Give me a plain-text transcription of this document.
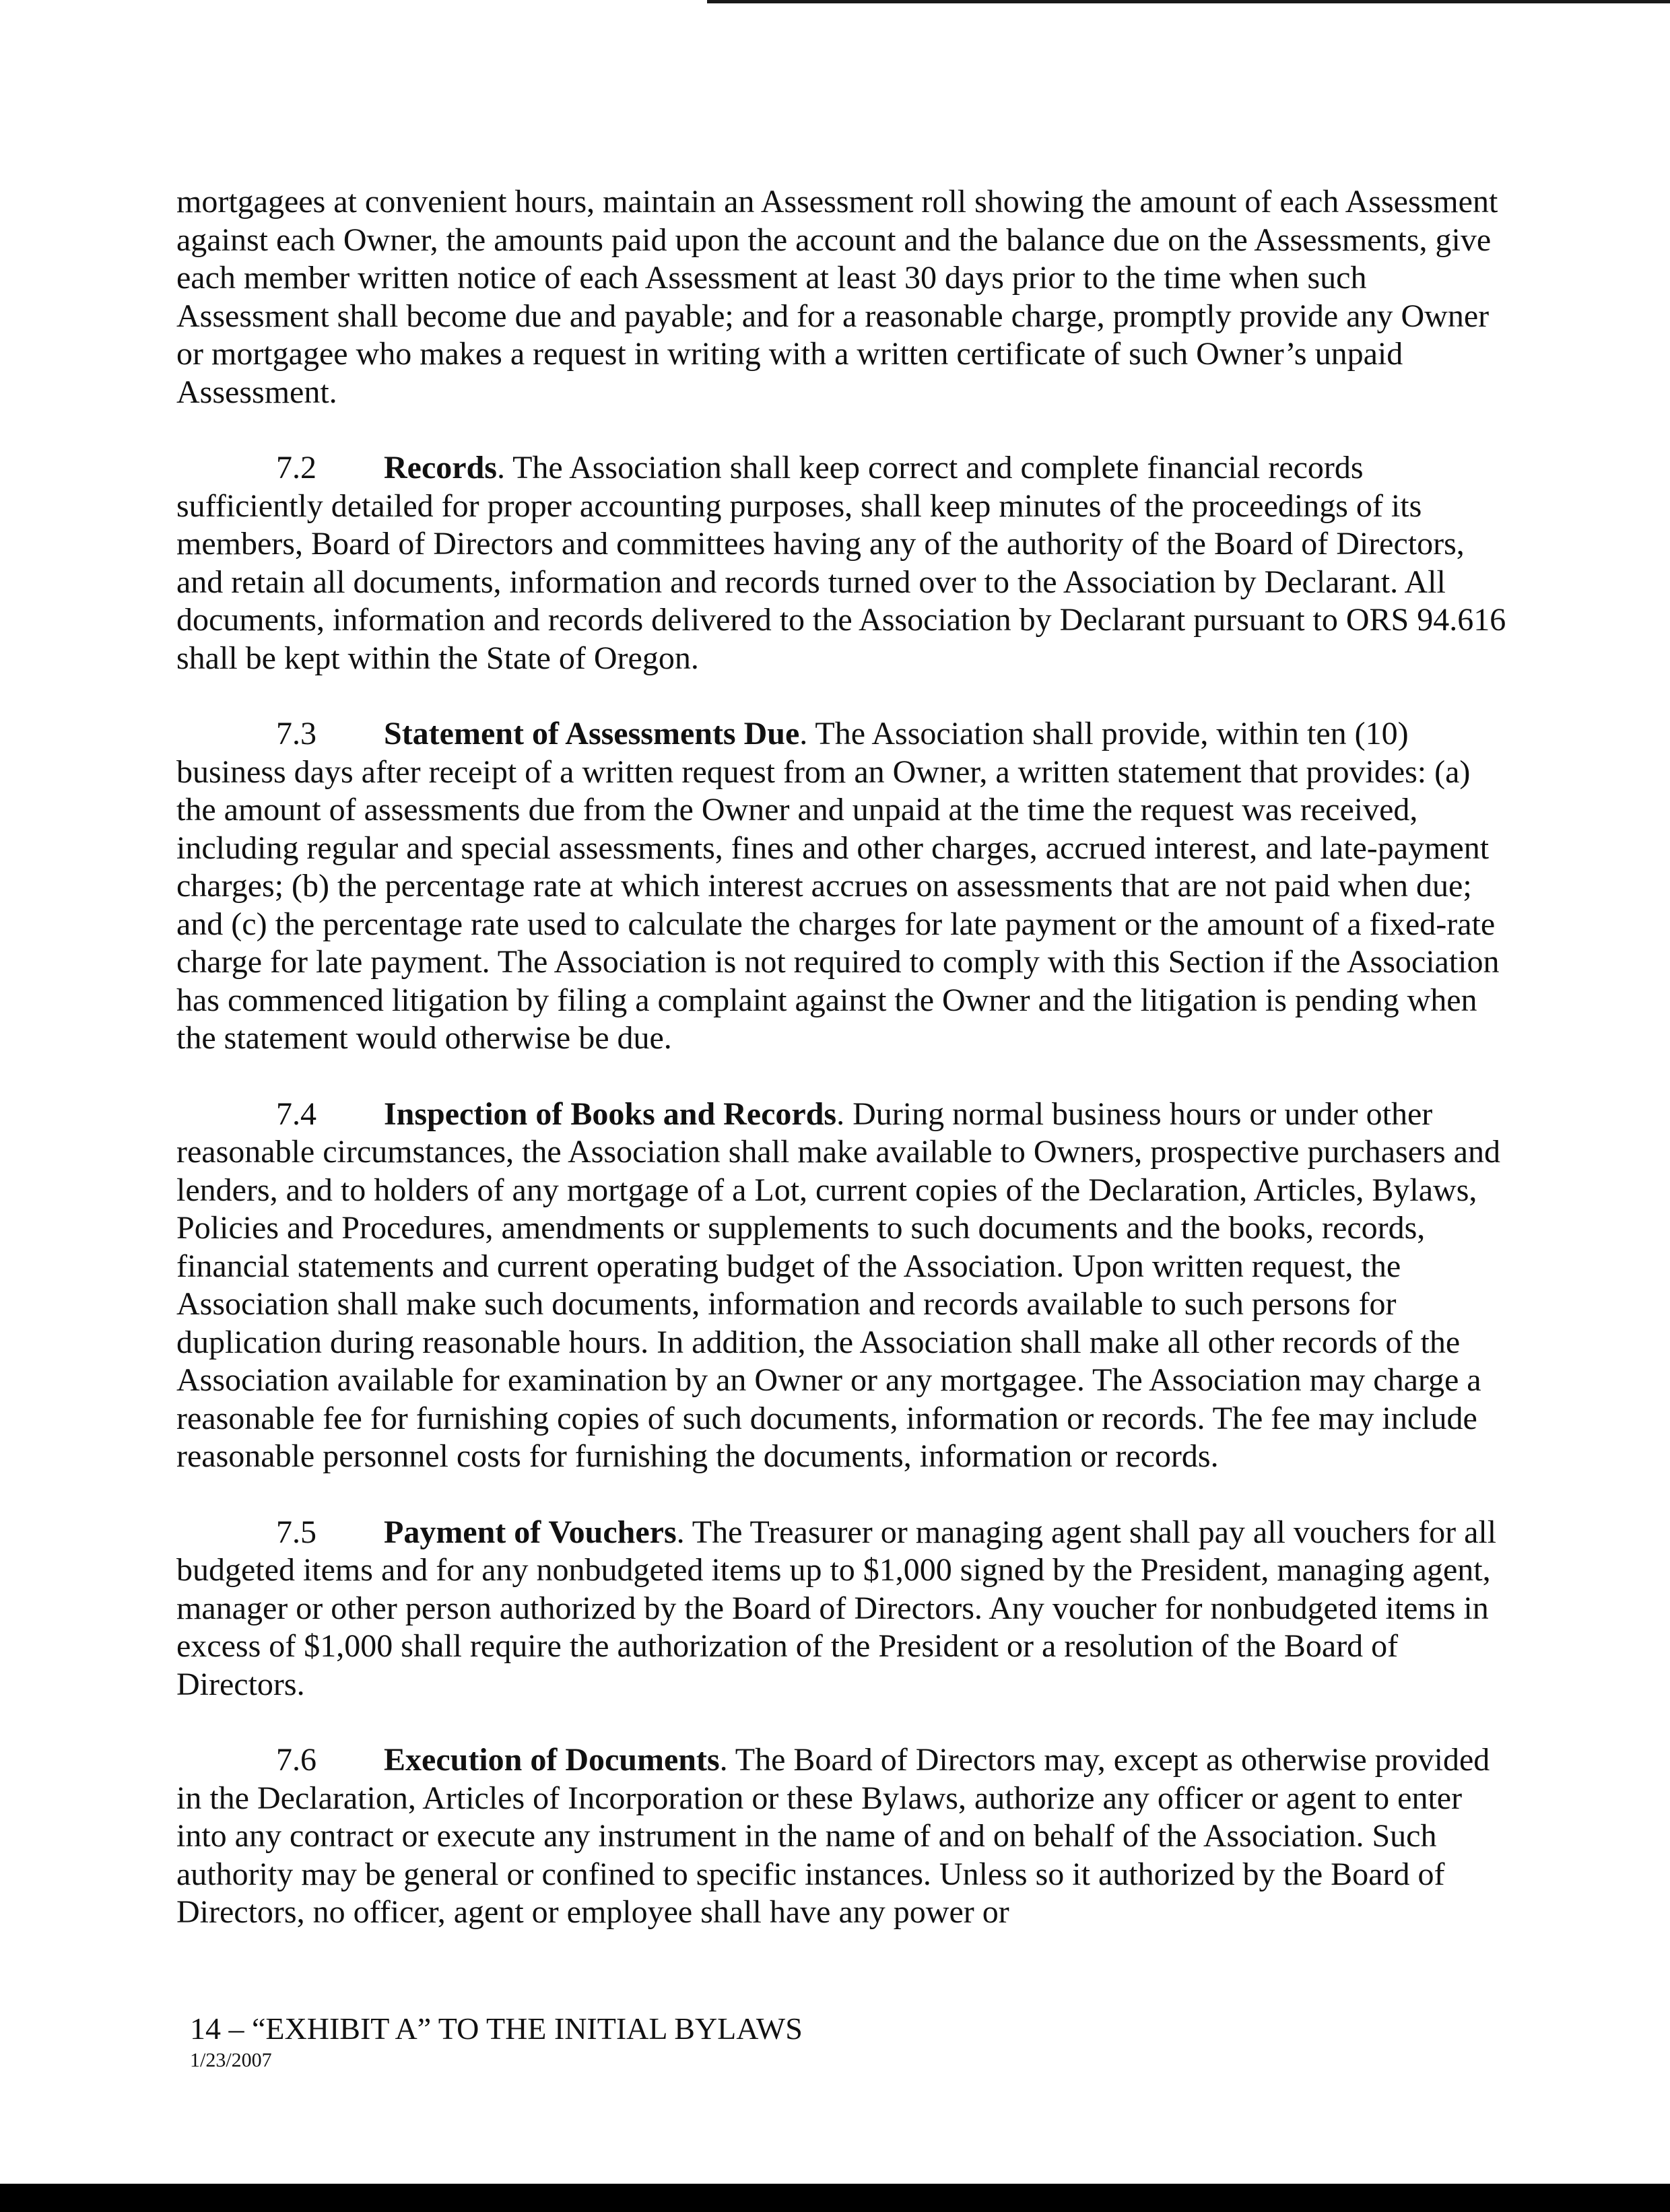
mortgagees at convenient hours, maintain an Assessment roll showing the amount of each Assessment against each Owner, the amounts paid upon the account and the balance due on the Assessments, give each member written notice of each Assessment at least 30 days prior to the time when such Assessment shall become due and payable; and for a reasonable charge, promptly provide any Owner or mortgagee who makes a request in writing with a written certificate of such Owner’s unpaid Assessment.

7.2 Records. The Association shall keep correct and complete financial records sufficiently detailed for proper accounting purposes, shall keep minutes of the proceedings of its members, Board of Directors and committees having any of the authority of the Board of Directors, and retain all documents, information and records turned over to the Association by Declarant. All documents, information and records delivered to the Association by Declarant pursuant to ORS 94.616 shall be kept within the State of Oregon.

7.3 Statement of Assessments Due. The Association shall provide, within ten (10) business days after receipt of a written request from an Owner, a written statement that provides: (a) the amount of assessments due from the Owner and unpaid at the time the request was received, including regular and special assessments, fines and other charges, accrued interest, and late-payment charges; (b) the percentage rate at which interest accrues on assessments that are not paid when due; and (c) the percentage rate used to calculate the charges for late payment or the amount of a fixed-rate charge for late payment. The Association is not required to comply with this Section if the Association has commenced litigation by filing a complaint against the Owner and the litigation is pending when the statement would otherwise be due.

7.4 Inspection of Books and Records. During normal business hours or under other reasonable circumstances, the Association shall make available to Owners, prospective purchasers and lenders, and to holders of any mortgage of a Lot, current copies of the Declaration, Articles, Bylaws, Policies and Procedures, amendments or supplements to such documents and the books, records, financial statements and current operating budget of the Association. Upon written request, the Association shall make such documents, information and records available to such persons for duplication during reasonable hours. In addition, the Association shall make all other records of the Association available for examination by an Owner or any mortgagee. The Association may charge a reasonable fee for furnishing copies of such documents, information or records. The fee may include reasonable personnel costs for furnishing the documents, information or records.

7.5 Payment of Vouchers. The Treasurer or managing agent shall pay all vouchers for all budgeted items and for any nonbudgeted items up to $1,000 signed by the President, managing agent, manager or other person authorized by the Board of Directors. Any voucher for nonbudgeted items in excess of $1,000 shall require the authorization of the President or a resolution of the Board of Directors.

7.6 Execution of Documents. The Board of Directors may, except as otherwise provided in the Declaration, Articles of Incorporation or these Bylaws, authorize any officer or agent to enter into any contract or execute any instrument in the name of and on behalf of the Association. Such authority may be general or confined to specific instances. Unless so it authorized by the Board of Directors, no officer, agent or employee shall have any power or

14 – “EXHIBIT A” TO THE INITIAL BYLAWS
1/23/2007
